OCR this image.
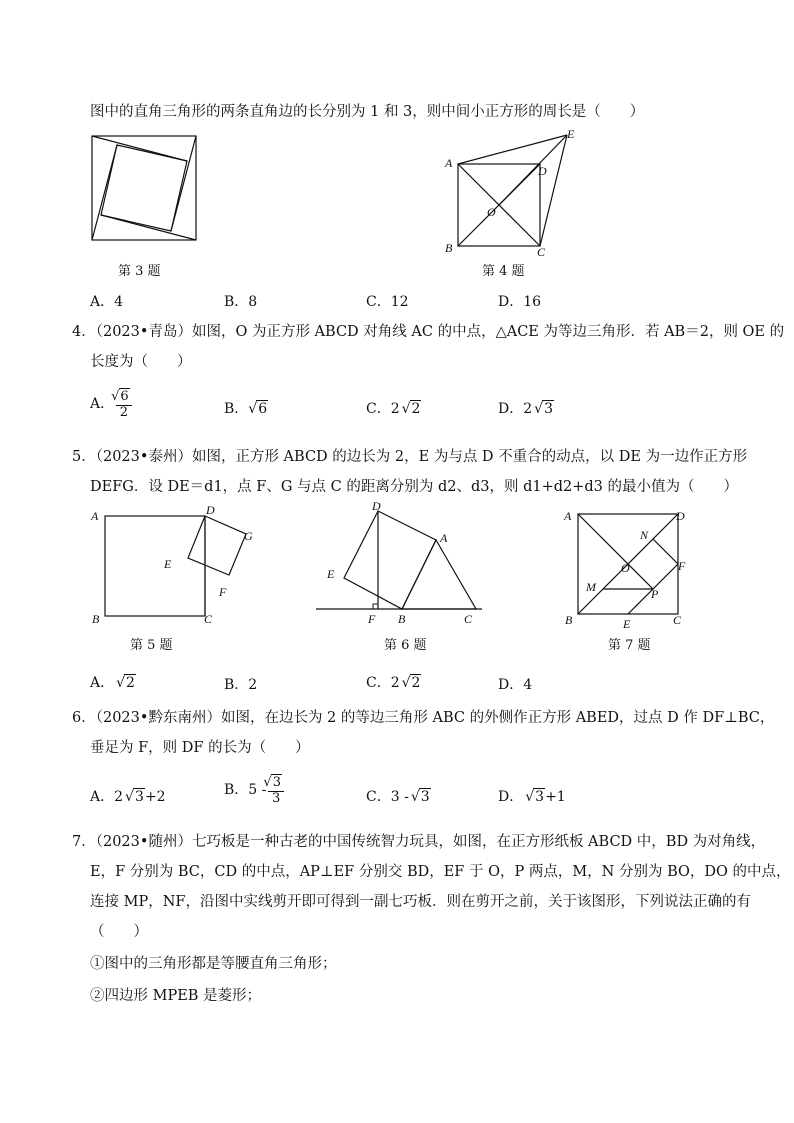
图中的直角三角形的两条直角边的长分别为 1 和 3，则中间小正方形的周长是（　　）
第 3 题
A
B	C
D
E
O
第 4 题
A．4	B．8	C．12	D．16
4．（2023•青岛）如图，O 为正方形 ABCD 对角线 AC 的中点，△ACE 为等边三角形．若 AB＝2，则 OE 的
长度为（　　）
A． √ $\frac{6}{2}$	B． √ 6	C．2 √ 2	D．2 √ 3
5．（2023•泰州）如图，正方形 ABCD 的边长为 2，E 为与点 D 不重合的动点，以 DE 为一边作正方形
DEFG．设 DE＝d1，点 F、G 与点 C 的距离分别为 d2、d3，则 d1+d2+d3 的最小值为（　　）
A
B	C
D
E
F
G
第 5 题
D
A
E
F B	C
第 6 题
A
B	C
D
E
F
N
O
M	P
第 7 题
A． √ 2	B．2	C．2 √ 2	D．4
6．（2023•黔东南州）如图，在边长为 2 的等边三角形 ABC 的外侧作正方形 ABED，过点 D 作 DF⊥BC，
垂足为 F，则 DF 的长为（　　）
A．2 √ 3+2	B．5 - √ $\frac{3}{3}$	C．3 - √ 3	D． √ 3+1
7．（2023•随州）七巧板是一种古老的中国传统智力玩具，如图，在正方形纸板 ABCD 中，BD 为对角线，
E，F 分别为 BC，CD 的中点，AP⊥EF 分别交 BD，EF 于 O，P 两点，M，N 分别为 BO，DO 的中点，
连接 MP，NF，沿图中实线剪开即可得到一副七巧板．则在剪开之前，关于该图形，下列说法正确的有
（　　）
①图中的三角形都是等腰直角三角形；
②四边形 MPEB 是菱形；
